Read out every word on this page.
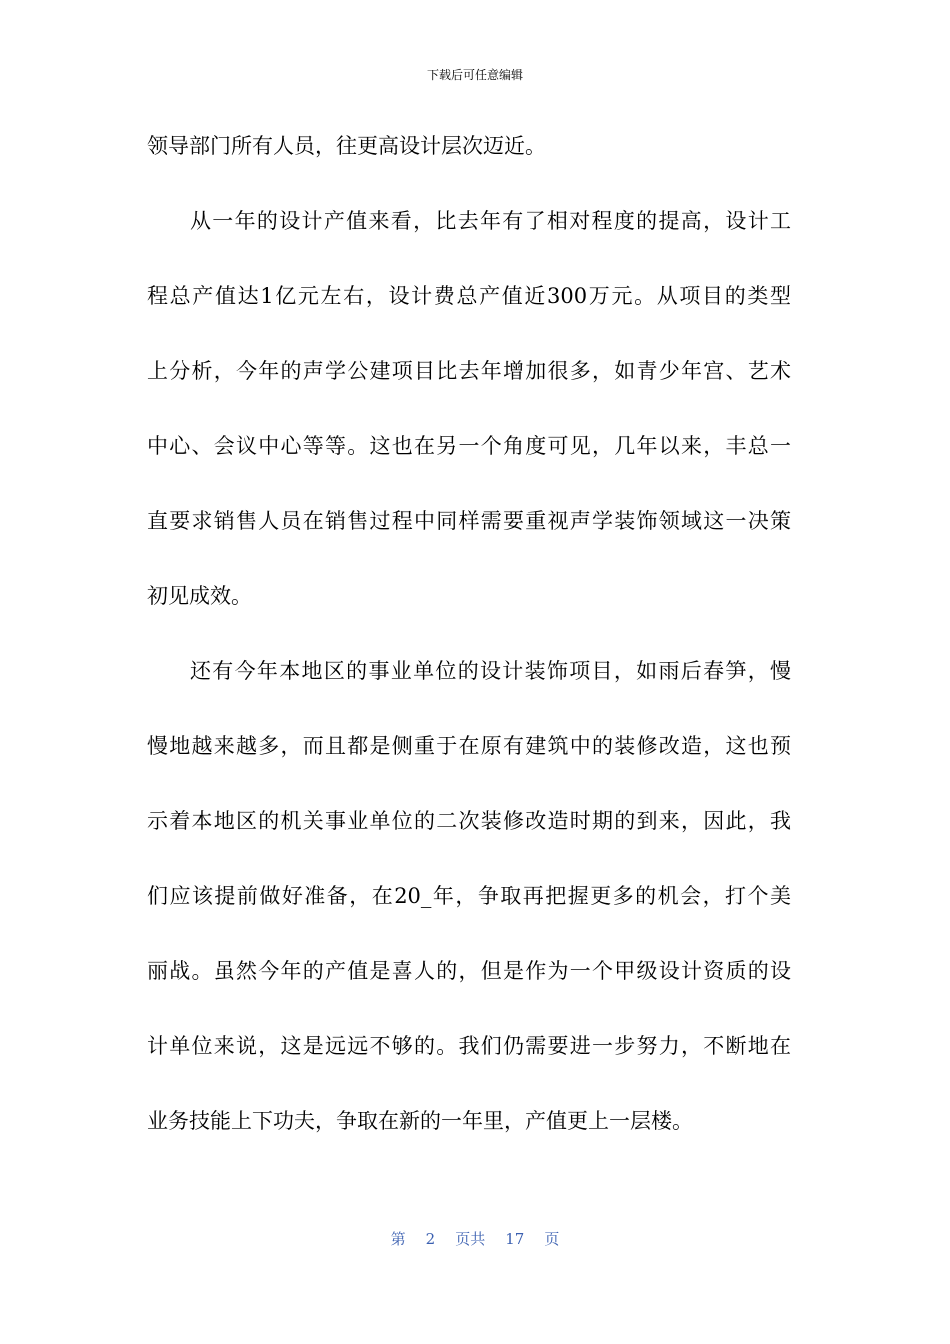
下载后可任意编辑
领导部门所有人员，往更高设计层次迈近。
从一年的设计产值来看，比去年有了相对程度的提高，设计工
程总产值达1亿元左右，设计费总产值近300万元。从项目的类型
上分析，今年的声学公建项目比去年增加很多，如青少年宫、艺术
中心、会议中心等等。这也在另一个角度可见，几年以来，丰总一
直要求销售人员在销售过程中同样需要重视声学装饰领域这一决策
初见成效。
还有今年本地区的事业单位的设计装饰项目，如雨后春笋，慢
慢地越来越多，而且都是侧重于在原有建筑中的装修改造，这也预
示着本地区的机关事业单位的二次装修改造时期的到来，因此，我
们应该提前做好准备，在20_年，争取再把握更多的机会，打个美
丽战。虽然今年的产值是喜人的，但是作为一个甲级设计资质的设
计单位来说，这是远远不够的。我们仍需要进一步努力，不断地在
业务技能上下功夫，争取在新的一年里，产值更上一层楼。
第 2 页共 17 页
